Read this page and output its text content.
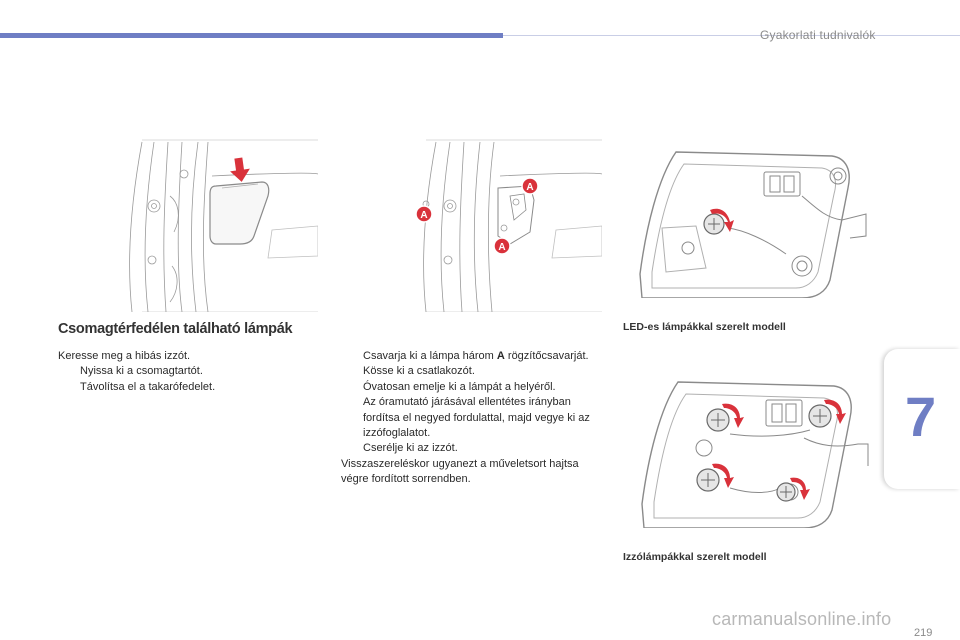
Gyakorlati tudnivalók
7
A
A
A
Csomagtérfedélen található lámpák
Keresse meg a hibás izzót.
Nyissa ki a csomagtartót.
Távolítsa el a takarófedelet.
Csavarja ki a lámpa három A rögzítőcsavarját.
Kösse ki a csatlakozót.
Óvatosan emelje ki a lámpát a helyéről.
Az óramutató járásával ellentétes irányban fordítsa el negyed fordulattal, majd vegye ki az izzófoglalatot.
Cserélje ki az izzót.
Visszaszereléskor ugyanezt a műveletsort hajtsa végre fordított sorrendben.
LED-es lámpákkal szerelt modell
Izzólámpákkal szerelt modell
219
carmanualsonline.info
